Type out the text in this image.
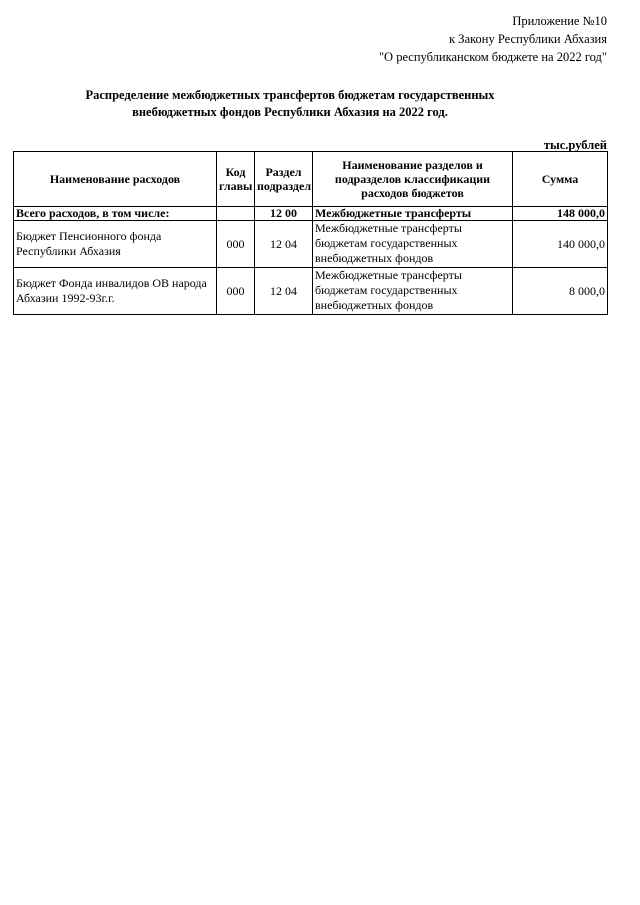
Приложение №10
к Закону Республики Абхазия
"О республиканском бюджете на 2022 год"
Распределение межбюджетных трансфертов бюджетам государственных
внебюджетных фондов Республики Абхазия на 2022 год.
тыс.рублей
Наименование расходов	Код главы	Раздел подраздел	Наименование разделов и подразделов классификации расходов бюджетов	Сумма
Всего расходов, в том числе:		12 00	Межбюджетные трансферты	148 000,0
Бюджет Пенсионного фонда Республики Абхазия	000	12 04	Межбюджетные трансферты бюджетам государственных внебюджетных фондов	140 000,0
Бюджет Фонда инвалидов ОВ народа Абхазии 1992-93г.г.	000	12 04	Межбюджетные трансферты бюджетам государственных внебюджетных фондов	8 000,0
